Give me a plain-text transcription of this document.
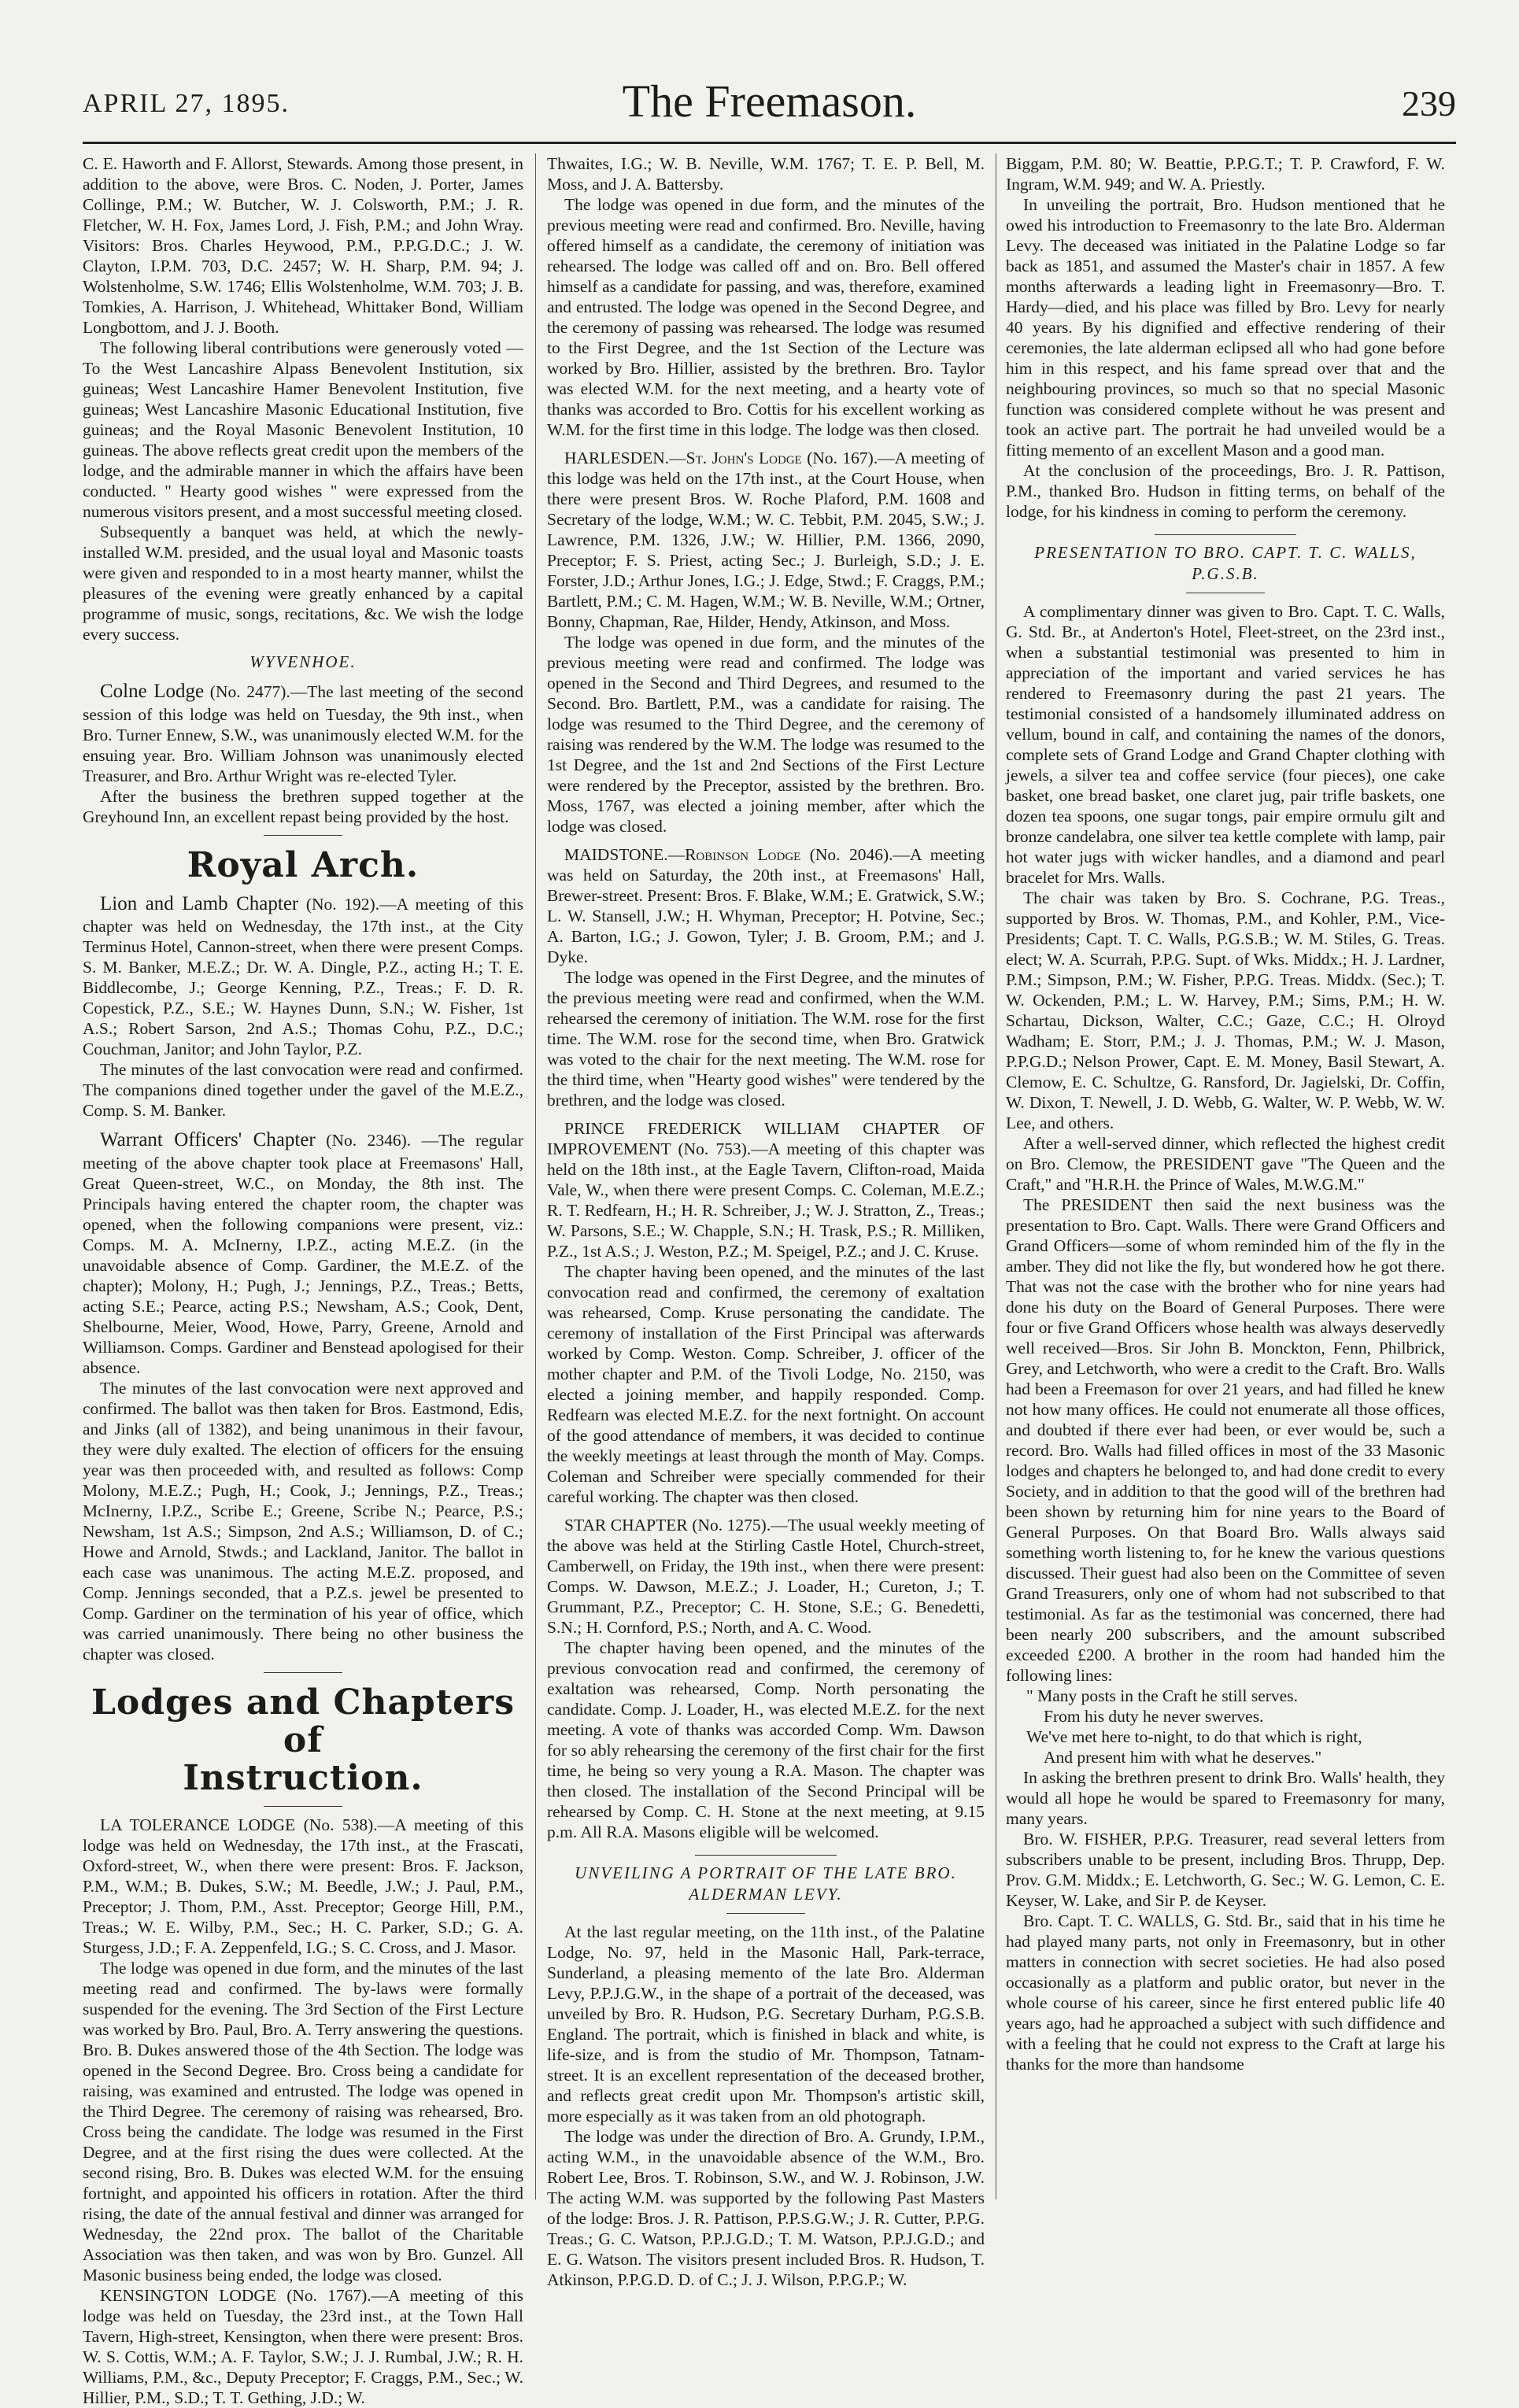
APRIL 27, 1895.	The Freemason.	239

C. E. Haworth and F. Allorst, Stewards. Among those present, in addition to the above, were Bros. C. Noden, J. Porter, James Collinge, P.M.; W. Butcher, W. J. Colsworth, P.M.; J. R. Fletcher, W. H. Fox, James Lord, J. Fish, P.M.; and John Wray. Visitors: Bros. Charles Heywood, P.M., P.P.G.D.C.; J. W. Clayton, I.P.M. 703, D.C. 2457; W. H. Sharp, P.M. 94; J. Wolstenholme, S.W. 1746; Ellis Wolstenholme, W.M. 703; J. B. Tomkies, A. Harrison, J. Whitehead, Whittaker Bond, William Longbottom, and J. J. Booth.

The following liberal contributions were generously voted —To the West Lancashire Alpass Benevolent Institution, six guineas; West Lancashire Hamer Benevolent Institution, five guineas; West Lancashire Masonic Educational Institution, five guineas; and the Royal Masonic Benevolent Institution, 10 guineas. The above reflects great credit upon the members of the lodge, and the admirable manner in which the affairs have been conducted. " Hearty good wishes " were expressed from the numerous visitors present, and a most successful meeting closed.

Subsequently a banquet was held, at which the newly-installed W.M. presided, and the usual loyal and Masonic toasts were given and responded to in a most hearty manner, whilst the pleasures of the evening were greatly enhanced by a capital programme of music, songs, recitations, &c. We wish the lodge every success.

WYVENHOE.

Colne Lodge (No. 2477).—The last meeting of the second session of this lodge was held on Tuesday, the 9th inst., when Bro. Turner Ennew, S.W., was unanimously elected W.M. for the ensuing year. Bro. William Johnson was unanimously elected Treasurer, and Bro. Arthur Wright was re-elected Tyler.

After the business the brethren supped together at the Greyhound Inn, an excellent repast being provided by the host.

Royal Arch.

Lion and Lamb Chapter (No. 192).—A meeting of this chapter was held on Wednesday, the 17th inst., at the City Terminus Hotel, Cannon-street, when there were present Comps. S. M. Banker, M.E.Z.; Dr. W. A. Dingle, P.Z., acting H.; T. E. Biddlecombe, J.; George Kenning, P.Z., Treas.; F. D. R. Copestick, P.Z., S.E.; W. Haynes Dunn, S.N.; W. Fisher, 1st A.S.; Robert Sarson, 2nd A.S.; Thomas Cohu, P.Z., D.C.; Couchman, Janitor; and John Taylor, P.Z.

The minutes of the last convocation were read and confirmed. The companions dined together under the gavel of the M.E.Z., Comp. S. M. Banker.

Warrant Officers' Chapter (No. 2346). —The regular meeting of the above chapter took place at Freemasons' Hall, Great Queen-street, W.C., on Monday, the 8th inst. The Principals having entered the chapter room, the chapter was opened, when the following companions were present, viz.: Comps. M. A. McInerny, I.P.Z., acting M.E.Z. (in the unavoidable absence of Comp. Gardiner, the M.E.Z. of the chapter); Molony, H.; Pugh, J.; Jennings, P.Z., Treas.; Betts, acting S.E.; Pearce, acting P.S.; Newsham, A.S.; Cook, Dent, Shelbourne, Meier, Wood, Howe, Parry, Greene, Arnold and Williamson. Comps. Gardiner and Benstead apologised for their absence.

The minutes of the last convocation were next approved and confirmed. The ballot was then taken for Bros. Eastmond, Edis, and Jinks (all of 1382), and being unanimous in their favour, they were duly exalted. The election of officers for the ensuing year was then proceeded with, and resulted as follows: Comp Molony, M.E.Z.; Pugh, H.; Cook, J.; Jennings, P.Z., Treas.; McInerny, I.P.Z., Scribe E.; Greene, Scribe N.; Pearce, P.S.; Newsham, 1st A.S.; Simpson, 2nd A.S.; Williamson, D. of C.; Howe and Arnold, Stwds.; and Lackland, Janitor. The ballot in each case was unanimous. The acting M.E.Z. proposed, and Comp. Jennings seconded, that a P.Z.s. jewel be presented to Comp. Gardiner on the termination of his year of office, which was carried unanimously. There being no other business the chapter was closed.

Lodges and Chapters of
Instruction.

LA TOLERANCE LODGE (No. 538).—A meeting of this lodge was held on Wednesday, the 17th inst., at the Frascati, Oxford-street, W., when there were present: Bros. F. Jackson, P.M., W.M.; B. Dukes, S.W.; M. Beedle, J.W.; J. Paul, P.M., Preceptor; J. Thom, P.M., Asst. Preceptor; George Hill, P.M., Treas.; W. E. Wilby, P.M., Sec.; H. C. Parker, S.D.; G. A. Sturgess, J.D.; F. A. Zeppenfeld, I.G.; S. C. Cross, and J. Masor.

The lodge was opened in due form, and the minutes of the last meeting read and confirmed. The by-laws were formally suspended for the evening. The 3rd Section of the First Lecture was worked by Bro. Paul, Bro. A. Terry answering the questions. Bro. B. Dukes answered those of the 4th Section. The lodge was opened in the Second Degree. Bro. Cross being a candidate for raising, was examined and entrusted. The lodge was opened in the Third Degree. The ceremony of raising was rehearsed, Bro. Cross being the candidate. The lodge was resumed in the First Degree, and at the first rising the dues were collected. At the second rising, Bro. B. Dukes was elected W.M. for the ensuing fortnight, and appointed his officers in rotation. After the third rising, the date of the annual festival and dinner was arranged for Wednesday, the 22nd prox. The ballot of the Charitable Association was then taken, and was won by Bro. Gunzel. All Masonic business being ended, the lodge was closed.

KENSINGTON LODGE (No. 1767).—A meeting of this lodge was held on Tuesday, the 23rd inst., at the Town Hall Tavern, High-street, Kensington, when there were present: Bros. W. S. Cottis, W.M.; A. F. Taylor, S.W.; J. J. Rumbal, J.W.; R. H. Williams, P.M., &c., Deputy Preceptor; F. Craggs, P.M., Sec.; W. Hillier, P.M., S.D.; T. T. Gething, J.D.; W.

Thwaites, I.G.; W. B. Neville, W.M. 1767; T. E. P. Bell, M. Moss, and J. A. Battersby.

The lodge was opened in due form, and the minutes of the previous meeting were read and confirmed. Bro. Neville, having offered himself as a candidate, the ceremony of initiation was rehearsed. The lodge was called off and on. Bro. Bell offered himself as a candidate for passing, and was, therefore, examined and entrusted. The lodge was opened in the Second Degree, and the ceremony of passing was rehearsed. The lodge was resumed to the First Degree, and the 1st Section of the Lecture was worked by Bro. Hillier, assisted by the brethren. Bro. Taylor was elected W.M. for the next meeting, and a hearty vote of thanks was accorded to Bro. Cottis for his excellent working as W.M. for the first time in this lodge. The lodge was then closed.

HARLESDEN.—St. John's Lodge (No. 167).—A meeting of this lodge was held on the 17th inst., at the Court House, when there were present Bros. W. Roche Plaford, P.M. 1608 and Secretary of the lodge, W.M.; W. C. Tebbit, P.M. 2045, S.W.; J. Lawrence, P.M. 1326, J.W.; W. Hillier, P.M. 1366, 2090, Preceptor; F. S. Priest, acting Sec.; J. Burleigh, S.D.; J. E. Forster, J.D.; Arthur Jones, I.G.; J. Edge, Stwd.; F. Craggs, P.M.; Bartlett, P.M.; C. M. Hagen, W.M.; W. B. Neville, W.M.; Ortner, Bonny, Chapman, Rae, Hilder, Hendy, Atkinson, and Moss.

The lodge was opened in due form, and the minutes of the previous meeting were read and confirmed. The lodge was opened in the Second and Third Degrees, and resumed to the Second. Bro. Bartlett, P.M., was a candidate for raising. The lodge was resumed to the Third Degree, and the ceremony of raising was rendered by the W.M. The lodge was resumed to the 1st Degree, and the 1st and 2nd Sections of the First Lecture were rendered by the Preceptor, assisted by the brethren. Bro. Moss, 1767, was elected a joining member, after which the lodge was closed.

MAIDSTONE.—Robinson Lodge (No. 2046).—A meeting was held on Saturday, the 20th inst., at Freemasons' Hall, Brewer-street. Present: Bros. F. Blake, W.M.; E. Gratwick, S.W.; L. W. Stansell, J.W.; H. Whyman, Preceptor; H. Potvine, Sec.; A. Barton, I.G.; J. Gowon, Tyler; J. B. Groom, P.M.; and J. Dyke.

The lodge was opened in the First Degree, and the minutes of the previous meeting were read and confirmed, when the W.M. rehearsed the ceremony of initiation. The W.M. rose for the first time. The W.M. rose for the second time, when Bro. Gratwick was voted to the chair for the next meeting. The W.M. rose for the third time, when "Hearty good wishes" were tendered by the brethren, and the lodge was closed.

PRINCE FREDERICK WILLIAM CHAPTER OF IMPROVEMENT (No. 753).—A meeting of this chapter was held on the 18th inst., at the Eagle Tavern, Clifton-road, Maida Vale, W., when there were present Comps. C. Coleman, M.E.Z.; R. T. Redfearn, H.; H. R. Schreiber, J.; W. J. Stratton, Z., Treas.; W. Parsons, S.E.; W. Chapple, S.N.; H. Trask, P.S.; R. Milliken, P.Z., 1st A.S.; J. Weston, P.Z.; M. Speigel, P.Z.; and J. C. Kruse.

The chapter having been opened, and the minutes of the last convocation read and confirmed, the ceremony of exaltation was rehearsed, Comp. Kruse personating the candidate. The ceremony of installation of the First Principal was afterwards worked by Comp. Weston. Comp. Schreiber, J. officer of the mother chapter and P.M. of the Tivoli Lodge, No. 2150, was elected a joining member, and happily responded. Comp. Redfearn was elected M.E.Z. for the next fortnight. On account of the good attendance of members, it was decided to continue the weekly meetings at least through the month of May. Comps. Coleman and Schreiber were specially commended for their careful working. The chapter was then closed.

STAR CHAPTER (No. 1275).—The usual weekly meeting of the above was held at the Stirling Castle Hotel, Church-street, Camberwell, on Friday, the 19th inst., when there were present: Comps. W. Dawson, M.E.Z.; J. Loader, H.; Cureton, J.; T. Grummant, P.Z., Preceptor; C. H. Stone, S.E.; G. Benedetti, S.N.; H. Cornford, P.S.; North, and A. C. Wood.

The chapter having been opened, and the minutes of the previous convocation read and confirmed, the ceremony of exaltation was rehearsed, Comp. North personating the candidate. Comp. J. Loader, H., was elected M.E.Z. for the next meeting. A vote of thanks was accorded Comp. Wm. Dawson for so ably rehearsing the ceremony of the first chair for the first time, he being so very young a R.A. Mason. The chapter was then closed. The installation of the Second Principal will be rehearsed by Comp. C. H. Stone at the next meeting, at 9.15 p.m. All R.A. Masons eligible will be welcomed.

UNVEILING A PORTRAIT OF THE LATE BRO.
ALDERMAN LEVY.

At the last regular meeting, on the 11th inst., of the Palatine Lodge, No. 97, held in the Masonic Hall, Park-terrace, Sunderland, a pleasing memento of the late Bro. Alderman Levy, P.P.J.G.W., in the shape of a portrait of the deceased, was unveiled by Bro. R. Hudson, P.G. Secretary Durham, P.G.S.B. England. The portrait, which is finished in black and white, is life-size, and is from the studio of Mr. Thompson, Tatnam-street. It is an excellent representation of the deceased brother, and reflects great credit upon Mr. Thompson's artistic skill, more especially as it was taken from an old photograph.

The lodge was under the direction of Bro. A. Grundy, I.P.M., acting W.M., in the unavoidable absence of the W.M., Bro. Robert Lee, Bros. T. Robinson, S.W., and W. J. Robinson, J.W. The acting W.M. was supported by the following Past Masters of the lodge: Bros. J. R. Pattison, P.P.S.G.W.; J. R. Cutter, P.P.G. Treas.; G. C. Watson, P.P.J.G.D.; T. M. Watson, P.P.J.G.D.; and E. G. Watson. The visitors present included Bros. R. Hudson, T. Atkinson, P.P.G.D. D. of C.; J. J. Wilson, P.P.G.P.; W.

Biggam, P.M. 80; W. Beattie, P.P.G.T.; T. P. Crawford, F. W. Ingram, W.M. 949; and W. A. Priestly.

In unveiling the portrait, Bro. Hudson mentioned that he owed his introduction to Freemasonry to the late Bro. Alderman Levy. The deceased was initiated in the Palatine Lodge so far back as 1851, and assumed the Master's chair in 1857. A few months afterwards a leading light in Freemasonry—Bro. T. Hardy—died, and his place was filled by Bro. Levy for nearly 40 years. By his dignified and effective rendering of their ceremonies, the late alderman eclipsed all who had gone before him in this respect, and his fame spread over that and the neighbouring provinces, so much so that no special Masonic function was considered complete without he was present and took an active part. The portrait he had unveiled would be a fitting memento of an excellent Mason and a good man.

At the conclusion of the proceedings, Bro. J. R. Pattison, P.M., thanked Bro. Hudson in fitting terms, on behalf of the lodge, for his kindness in coming to perform the ceremony.

PRESENTATION TO BRO. CAPT. T. C. WALLS,
P.G.S.B.

A complimentary dinner was given to Bro. Capt. T. C. Walls, G. Std. Br., at Anderton's Hotel, Fleet-street, on the 23rd inst., when a substantial testimonial was presented to him in appreciation of the important and varied services he has rendered to Freemasonry during the past 21 years. The testimonial consisted of a handsomely illuminated address on vellum, bound in calf, and containing the names of the donors, complete sets of Grand Lodge and Grand Chapter clothing with jewels, a silver tea and coffee service (four pieces), one cake basket, one bread basket, one claret jug, pair trifle baskets, one dozen tea spoons, one sugar tongs, pair empire ormulu gilt and bronze candelabra, one silver tea kettle complete with lamp, pair hot water jugs with wicker handles, and a diamond and pearl bracelet for Mrs. Walls.

The chair was taken by Bro. S. Cochrane, P.G. Treas., supported by Bros. W. Thomas, P.M., and Kohler, P.M., Vice-Presidents; Capt. T. C. Walls, P.G.S.B.; W. M. Stiles, G. Treas. elect; W. A. Scurrah, P.P.G. Supt. of Wks. Middx.; H. J. Lardner, P.M.; Simpson, P.M.; W. Fisher, P.P.G. Treas. Middx. (Sec.); T. W. Ockenden, P.M.; L. W. Harvey, P.M.; Sims, P.M.; H. W. Schartau, Dickson, Walter, C.C.; Gaze, C.C.; H. Olroyd Wadham; E. Storr, P.M.; J. J. Thomas, P.M.; W. J. Mason, P.P.G.D.; Nelson Prower, Capt. E. M. Money, Basil Stewart, A. Clemow, E. C. Schultze, G. Ransford, Dr. Jagielski, Dr. Coffin, W. Dixon, T. Newell, J. D. Webb, G. Walter, W. P. Webb, W. W. Lee, and others.

After a well-served dinner, which reflected the highest credit on Bro. Clemow, the PRESIDENT gave "The Queen and the Craft," and "H.R.H. the Prince of Wales, M.W.G.M."

The PRESIDENT then said the next business was the presentation to Bro. Capt. Walls. There were Grand Officers and Grand Officers—some of whom reminded him of the fly in the amber. They did not like the fly, but wondered how he got there. That was not the case with the brother who for nine years had done his duty on the Board of General Purposes. There were four or five Grand Officers whose health was always deservedly well received—Bros. Sir John B. Monckton, Fenn, Philbrick, Grey, and Letchworth, who were a credit to the Craft. Bro. Walls had been a Freemason for over 21 years, and had filled he knew not how many offices. He could not enumerate all those offices, and doubted if there ever had been, or ever would be, such a record. Bro. Walls had filled offices in most of the 33 Masonic lodges and chapters he belonged to, and had done credit to every Society, and in addition to that the good will of the brethren had been shown by returning him for nine years to the Board of General Purposes. On that Board Bro. Walls always said something worth listening to, for he knew the various questions discussed. Their guest had also been on the Committee of seven Grand Treasurers, only one of whom had not subscribed to that testimonial. As far as the testimonial was concerned, there had been nearly 200 subscribers, and the amount subscribed exceeded £200. A brother in the room had handed him the following lines:

" Many posts in the Craft he still serves.

From his duty he never swerves.

We've met here to-night, to do that which is right,

And present him with what he deserves."

In asking the brethren present to drink Bro. Walls' health, they would all hope he would be spared to Freemasonry for many, many years.

Bro. W. FISHER, P.P.G. Treasurer, read several letters from subscribers unable to be present, including Bros. Thrupp, Dep. Prov. G.M. Middx.; E. Letchworth, G. Sec.; W. G. Lemon, C. E. Keyser, W. Lake, and Sir P. de Keyser.

Bro. Capt. T. C. WALLS, G. Std. Br., said that in his time he had played many parts, not only in Freemasonry, but in other matters in connection with secret societies. He had also posed occasionally as a platform and public orator, but never in the whole course of his career, since he first entered public life 40 years ago, had he approached a subject with such diffidence and with a feeling that he could not express to the Craft at large his thanks for the more than handsome
